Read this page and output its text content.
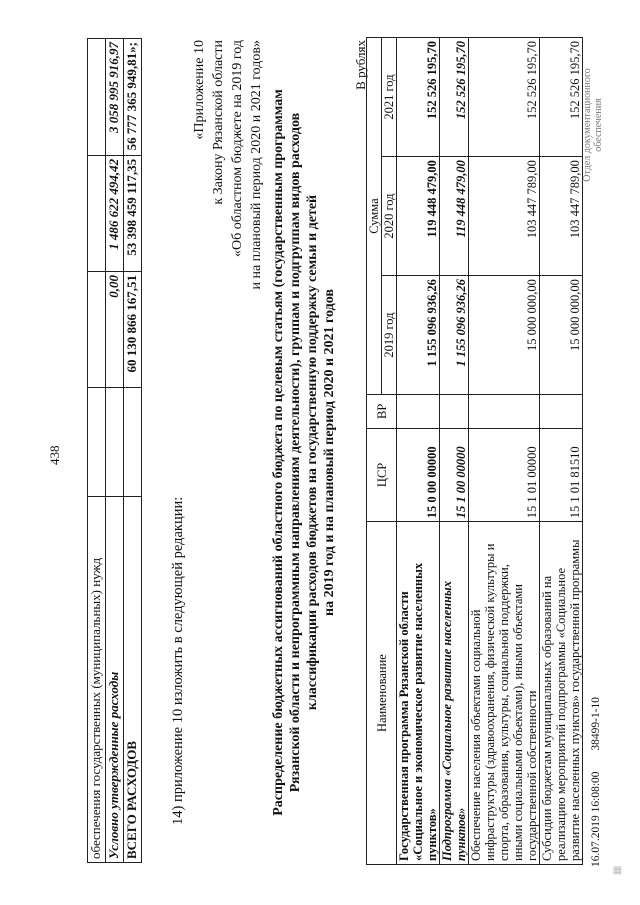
438
обеспечения государственных (муниципальных) нужд				
Условно утвержденные расходы		0,00	1 486 622 494,42	3 058 995 916,97
ВСЕГО РАСХОДОВ		60 130 866 167,51	53 398 459 117,35	56 777 365 949,81»;
14) приложение 10 изложить в следующей редакции:
«Приложение 10 к Закону Рязанской области «Об областном бюджете на 2019 год и на плановый период 2020 и 2021 годов» Распределение бюджетных ассигнований областного бюджета по целевым статьям (государственным программам Рязанской области и непрограммным направлениям деятельности), группам и подгруппам видов расходов классификации расходов бюджетов на государственную поддержку семьи и детей на 2019 год и на плановый период 2020 и 2021 годов
В рублях
Наименование	ЦСР	ВР	Сумма		
			2019 год	2020 год	2021 год
Государственная программа Рязанской области «Социальное и экономическое развитие населенных пунктов»	15 0 00 00000		1 155 096 936,26	119 448 479,00	152 526 195,70
Подпрограмма «Социальное развитие населенных пунктов»	15 1 00 00000		1 155 096 936,26	119 448 479,00	152 526 195,70
Обеспечение населения объектами социальной инфраструктуры (здравоохранения, физической культуры и спорта, образования, культуры, социальной поддержки, иными социальными объектами), иными объектами государственной собственности	15 1 01 00000		15 000 000,00	103 447 789,00	152 526 195,70
Субсидии бюджетам муниципальных образований на реализацию мероприятий подпрограммы «Социальное развитие населенных пунктов» государственной программы	15 1 01 81510		15 000 000,00	103 447 789,00	152 526 195,70
16.07.2019 16:08:00 38499-1-10
Отдел документационного обеспечения
▦
